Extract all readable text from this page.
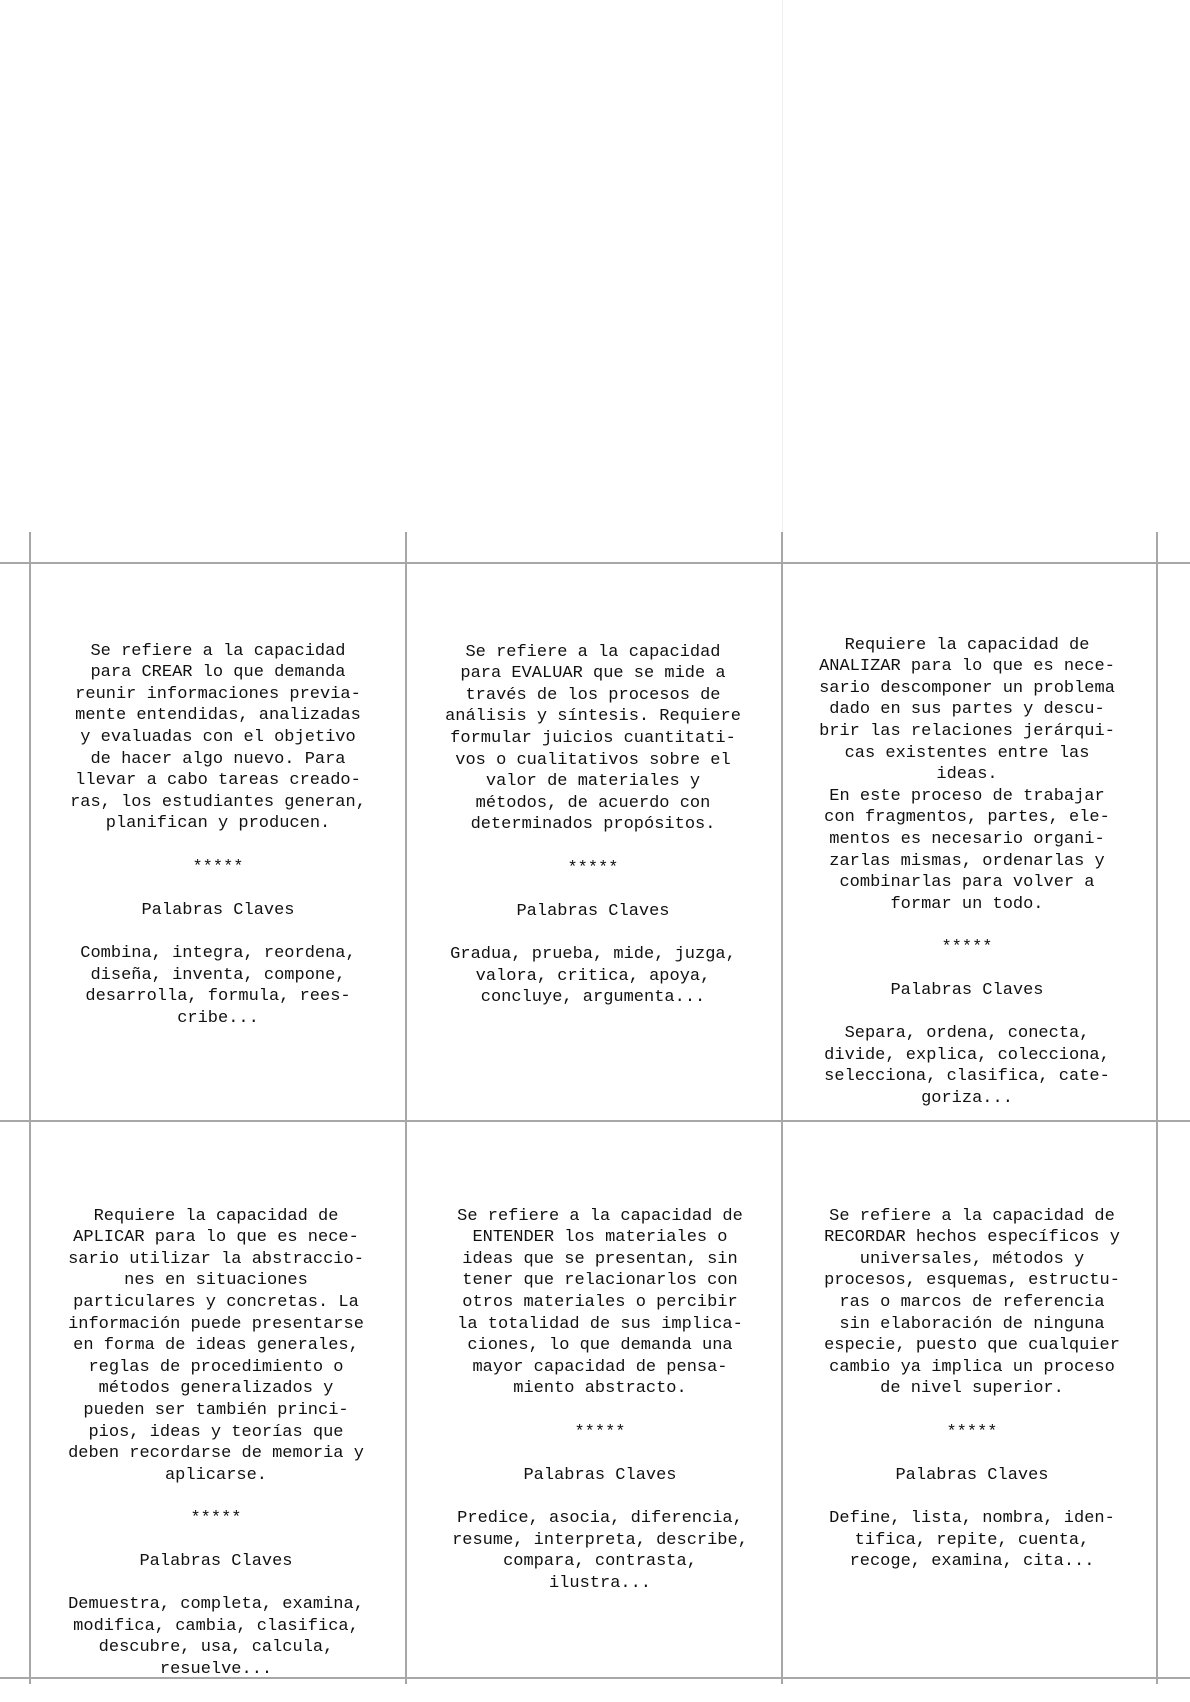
Se refiere a la capacidad
para CREAR lo que demanda
reunir informaciones previa-
mente entendidas, analizadas
y evaluadas con el objetivo
de hacer algo nuevo. Para
llevar a cabo tareas creado-
ras, los estudiantes generan,
planifican y producen.

*****

Palabras Claves

Combina, integra, reordena,
diseña, inventa, compone,
desarrolla, formula, rees-
cribe...

Se refiere a la capacidad
para EVALUAR que se mide a
través de los procesos de
análisis y síntesis. Requiere
formular juicios cuantitati-
vos o cualitativos sobre el
valor de materiales y
métodos, de acuerdo con
determinados propósitos.

*****

Palabras Claves

Gradua, prueba, mide, juzga,
valora, critica, apoya,
concluye, argumenta...

Requiere la capacidad de
ANALIZAR para lo que es nece-
sario descomponer un problema
dado en sus partes y descu-
brir las relaciones jerárqui-
cas existentes entre las
ideas.
En este proceso de trabajar
con fragmentos, partes, ele-
mentos es necesario organi-
zarlas mismas, ordenarlas y
combinarlas para volver a
formar un todo.

*****

Palabras Claves

Separa, ordena, conecta,
divide, explica, colecciona,
selecciona, clasifica, cate-
goriza...

Requiere la capacidad de
APLICAR para lo que es nece-
sario utilizar la abstraccio-
nes en situaciones
particulares y concretas. La
información puede presentarse
en forma de ideas generales,
reglas de procedimiento o
métodos generalizados y
pueden ser también princi-
pios, ideas y teorías que
deben recordarse de memoria y
aplicarse.

*****

Palabras Claves

Demuestra, completa, examina,
modifica, cambia, clasifica,
descubre, usa, calcula,
resuelve...

Se refiere a la capacidad de
ENTENDER los materiales o
ideas que se presentan, sin
tener que relacionarlos con
otros materiales o percibir
la totalidad de sus implica-
ciones, lo que demanda una
mayor capacidad de pensa-
miento abstracto.

*****

Palabras Claves

Predice, asocia, diferencia,
resume, interpreta, describe,
compara, contrasta,
ilustra...

Se refiere a la capacidad de
RECORDAR hechos específicos y
universales, métodos y
procesos, esquemas, estructu-
ras o marcos de referencia
sin elaboración de ninguna
especie, puesto que cualquier
cambio ya implica un proceso
de nivel superior.

*****

Palabras Claves

Define, lista, nombra, iden-
tifica, repite, cuenta,
recoge, examina, cita...
